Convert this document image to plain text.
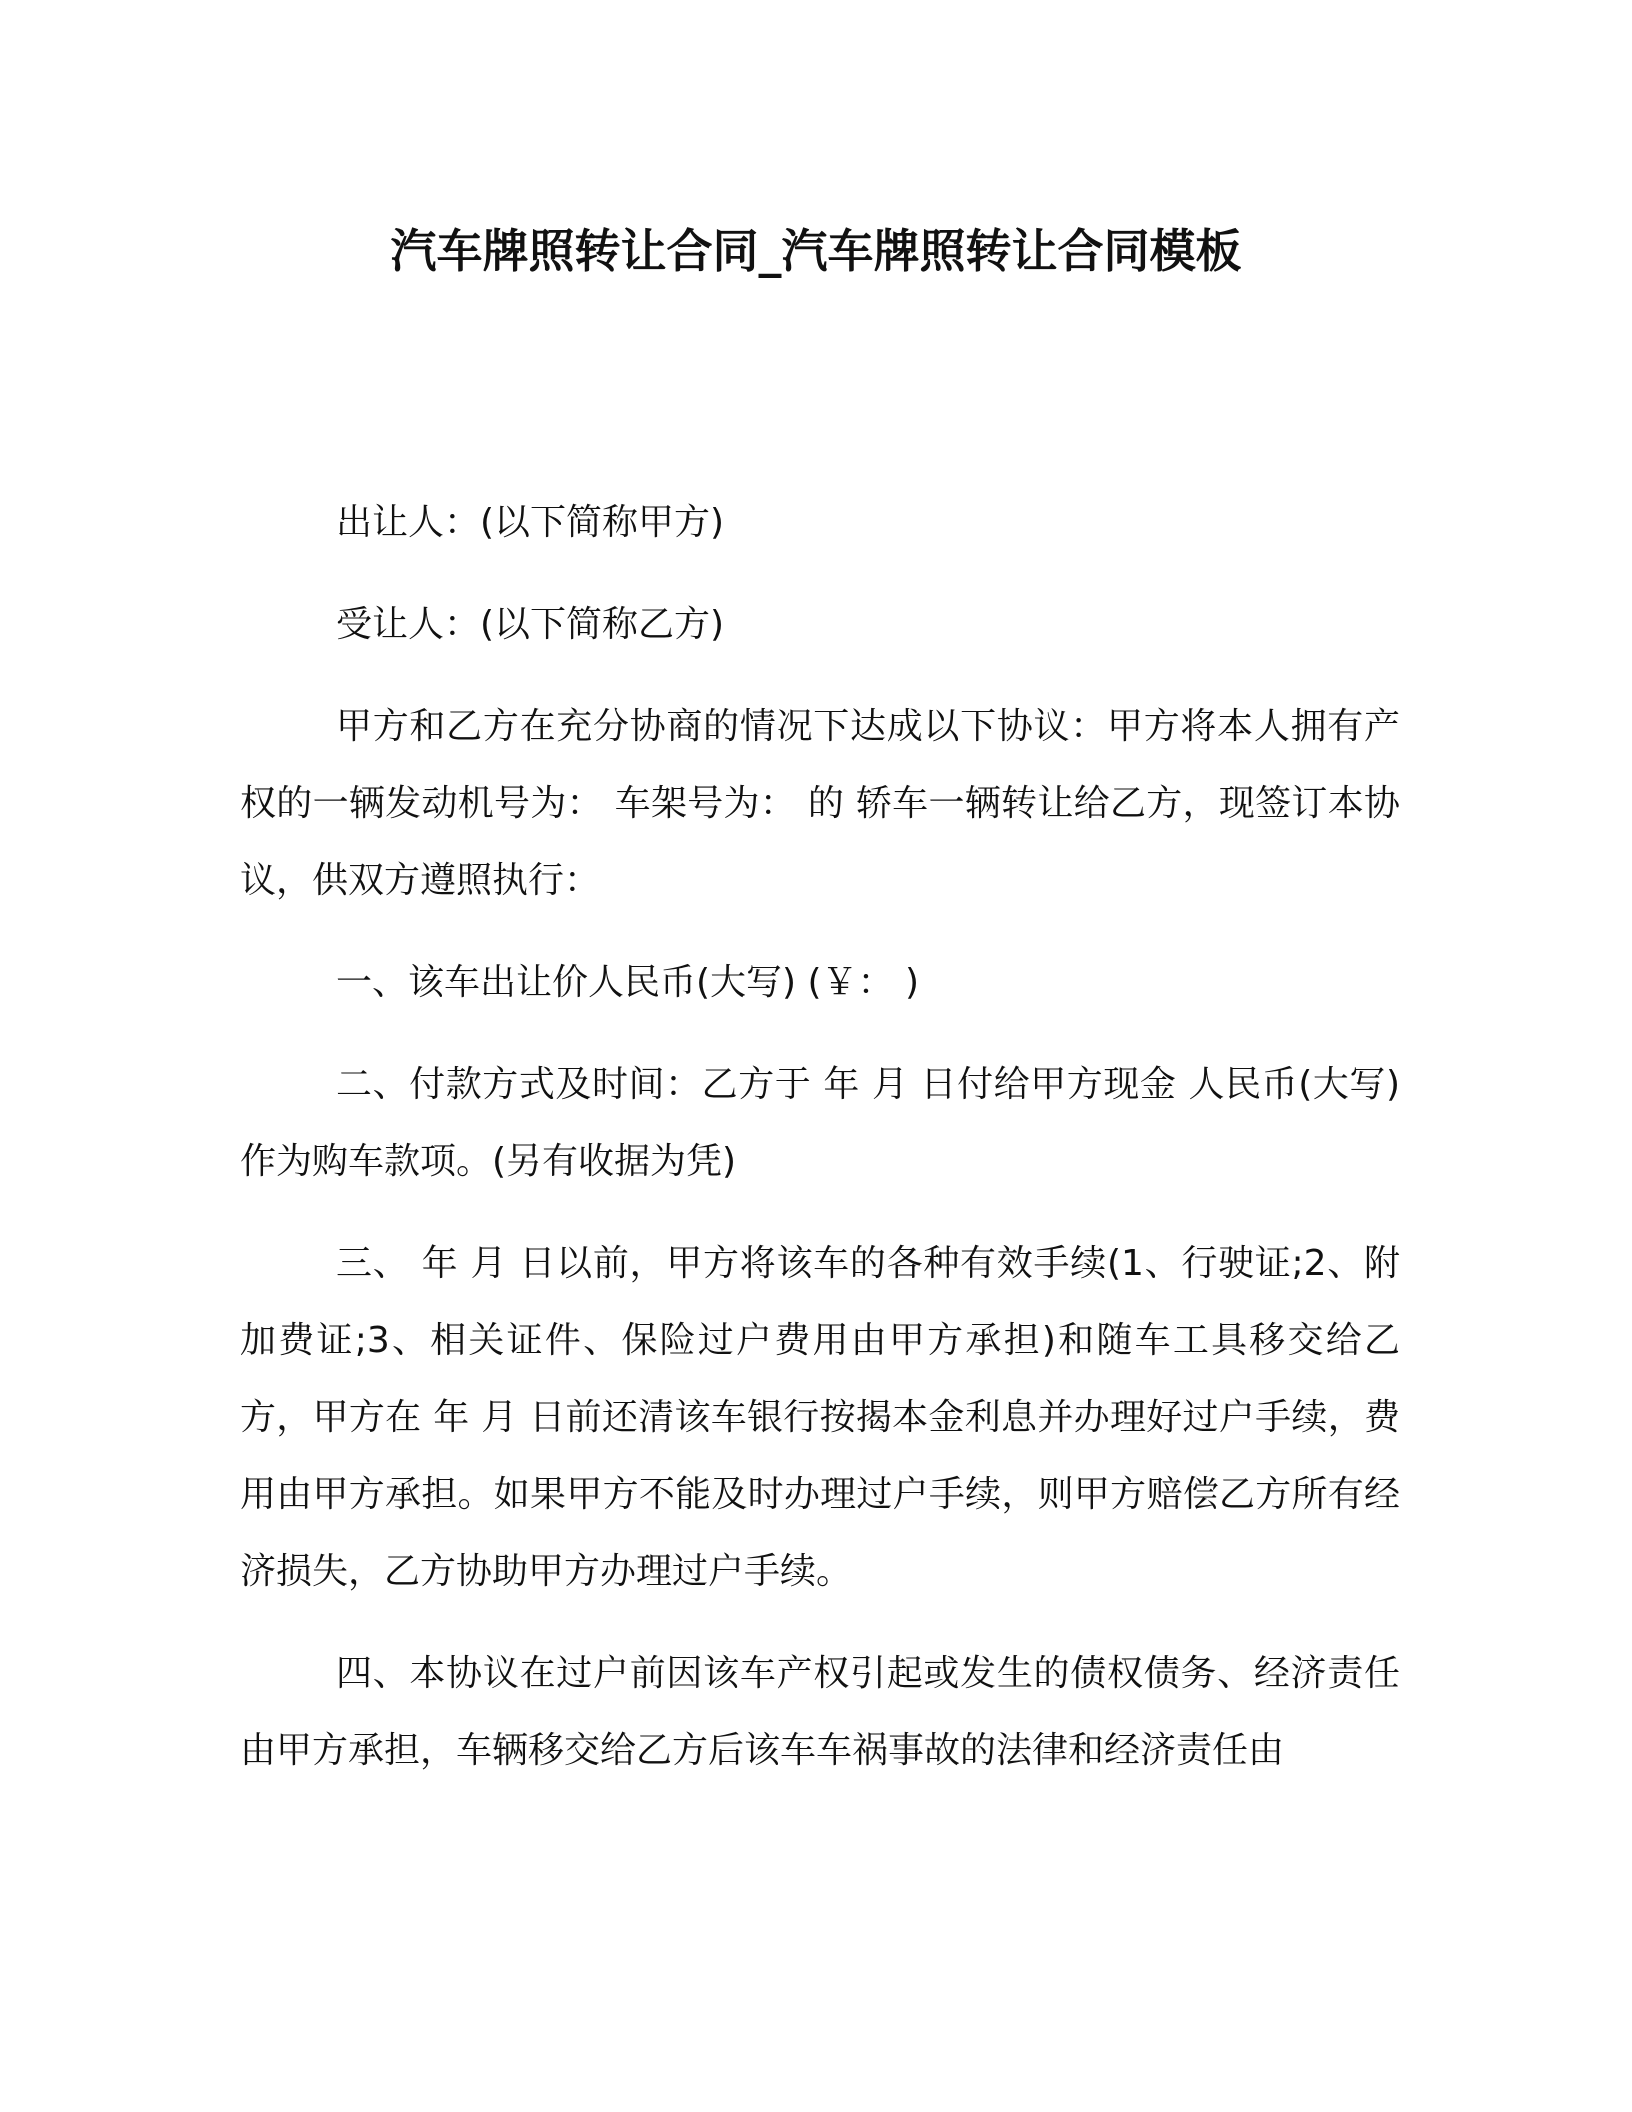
汽车牌照转让合同_汽车牌照转让合同模板

出让人：(以下简称甲方)

受让人：(以下简称乙方)

甲方和乙方在充分协商的情况下达成以下协议：甲方将本人拥有产权的一辆发动机号为： 车架号为： 的 轿车一辆转让给乙方，现签订本协议，供双方遵照执行：

一、该车出让价人民币(大写) (￥： )

二、付款方式及时间：乙方于 年 月 日付给甲方现金 人民币(大写) 作为购车款项。(另有收据为凭)

三、 年 月 日以前，甲方将该车的各种有效手续(1、行驶证;2、附加费证;3、相关证件、保险过户费用由甲方承担)和随车工具移交给乙方，甲方在 年 月 日前还清该车银行按揭本金利息并办理好过户手续，费用由甲方承担。如果甲方不能及时办理过户手续，则甲方赔偿乙方所有经济损失，乙方协助甲方办理过户手续。

四、本协议在过户前因该车产权引起或发生的债权债务、经济责任由甲方承担，车辆移交给乙方后该车车祸事故的法律和经济责任由
